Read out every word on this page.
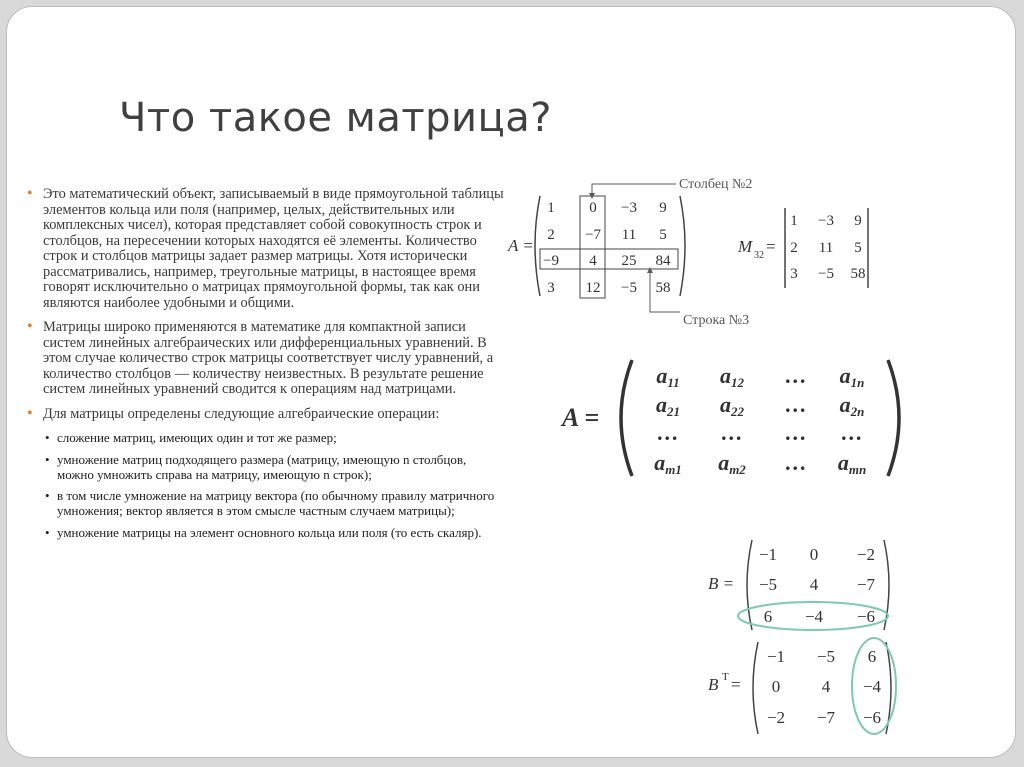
Что такое матрица?
• Это математический объект, записываемый в виде прямоугольной таблицы элементов кольца или поля (например, целых, действительных или комплексных чисел), которая представляет собой совокупность строк и столбцов, на пересечении которых находятся её элементы. Количество строк и столбцов матрицы задает размер матрицы. Хотя исторически рассматривались, например, треугольные матрицы, в настоящее время говорят исключительно о матрицах прямоугольной формы, так как они являются наиболее удобными и общими.
• Матрицы широко применяются в математике для компактной записи систем линейных алгебраических или дифференциальных уравнений. В этом случае количество строк матрицы соответствует числу уравнений, а количество столбцов — количеству неизвестных. В результате решение систем линейных уравнений сводится к операциям над матрицами.
• Для матрицы определены следующие алгебраические операции:
• сложение матриц, имеющих один и тот же размер;
• умножение матриц подходящего размера (матрицу, имеющую n столбцов, можно умножить справа на матрицу, имеющую n строк);
• в том числе умножение на матрицу вектора (по обычному правилу матричного умножения; вектор является в этом смысле частным случаем матрицы);
• умножение матрицы на элемент основного кольца или поля (то есть скаляр).
A =
1 0 −3 9
2 −7 11 5
−9 4 25 84
3 12 −5 58
Столбец №2
Строка №3
M 32 =
1 −3 9
2 11 5
3 −5 58
A =
a11 a12 … a1n
a21 a22 … a2n
… … … …
am1 am2 … amn
B =
−1 0 −2
−5 4 −7
6 −4 −6
B T =
−1 −5 6
0 4 −4
−2 −7 −6
